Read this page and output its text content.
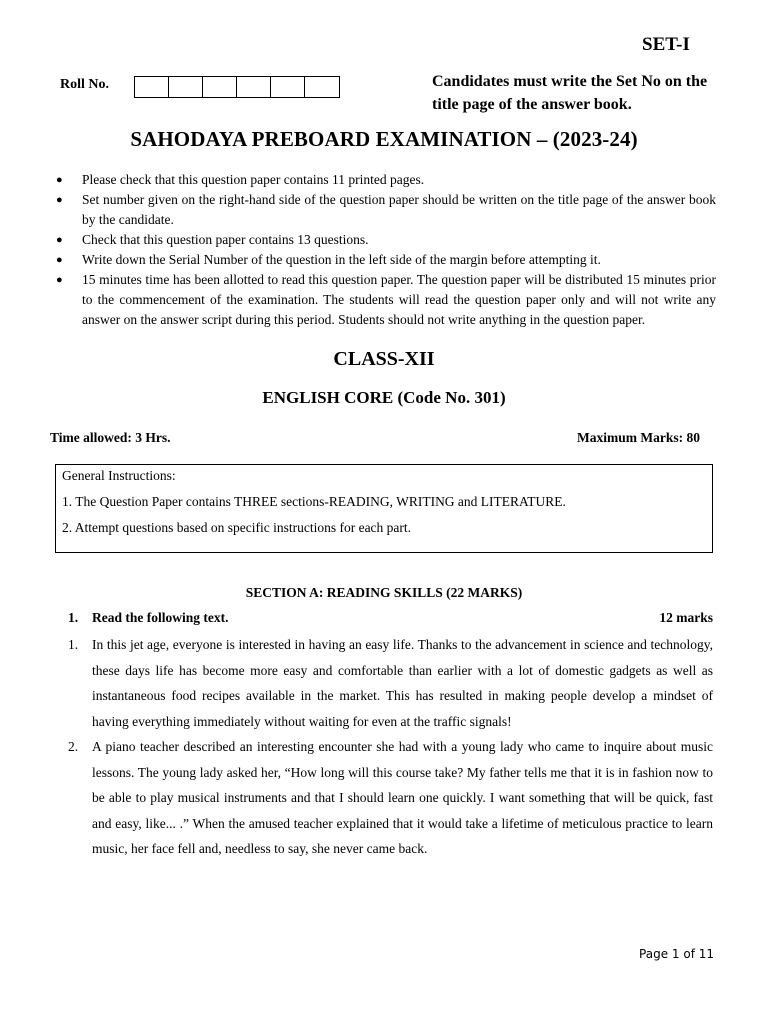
SET-I
Roll No.	Candidates must write the Set No on the title page of the answer book.
SAHODAYA PREBOARD EXAMINATION – (2023-24)
● Please check that this question paper contains 11 printed pages.
● Set number given on the right-hand side of the question paper should be written on the title page of the answer book by the candidate.
● Check that this question paper contains 13 questions.
● Write down the Serial Number of the question in the left side of the margin before attempting it.
● 15 minutes time has been allotted to read this question paper. The question paper will be distributed 15 minutes prior to the commencement of the examination. The students will read the question paper only and will not write any answer on the answer script during this period. Students should not write anything in the question paper.
CLASS-XII
ENGLISH CORE (Code No. 301)
Time allowed: 3 Hrs.	Maximum Marks: 80
General Instructions:
1. The Question Paper contains THREE sections-READING, WRITING and LITERATURE.
2. Attempt questions based on specific instructions for each part.
SECTION A: READING SKILLS (22 MARKS)
1. Read the following text.	12 marks
1. In this jet age, everyone is interested in having an easy life. Thanks to the advancement in science and technology, these days life has become more easy and comfortable than earlier with a lot of domestic gadgets as well as instantaneous food recipes available in the market. This has resulted in making people develop a mindset of having everything immediately without waiting for even at the traffic signals!
2. A piano teacher described an interesting encounter she had with a young lady who came to inquire about music lessons. The young lady asked her, “How long will this course take? My father tells me that it is in fashion now to be able to play musical instruments and that I should learn one quickly. I want something that will be quick, fast and easy, like... .” When the amused teacher explained that it would take a lifetime of meticulous practice to learn music, her face fell and, needless to say, she never came back.
Page 1 of 11
